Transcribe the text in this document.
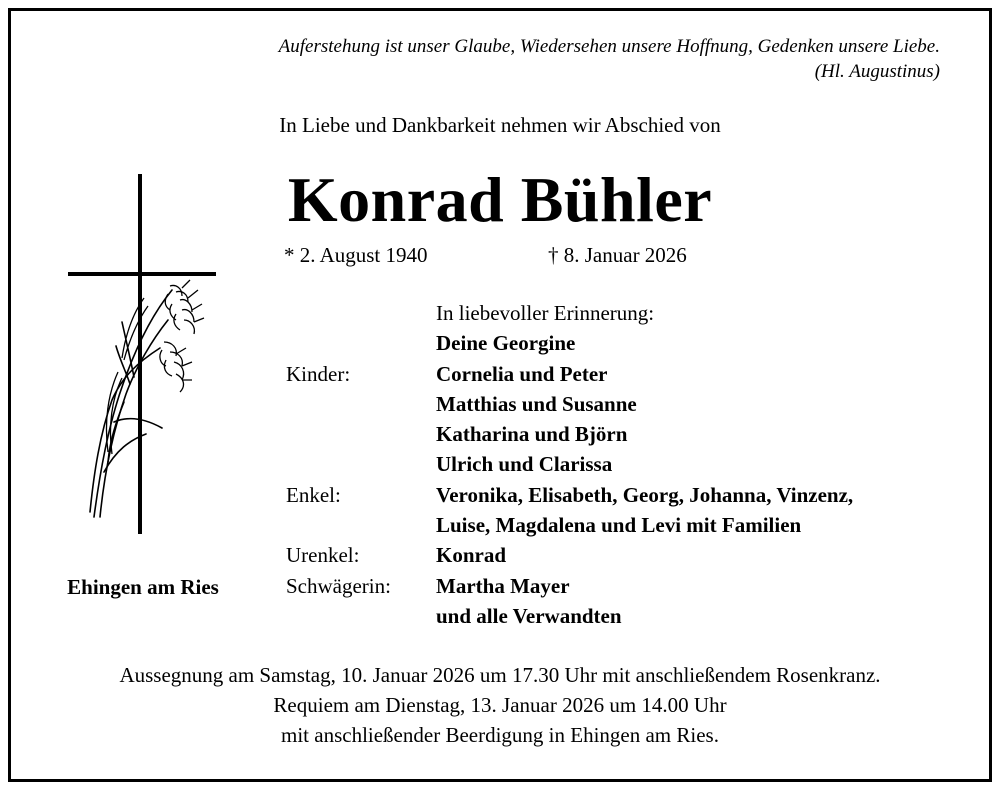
Auferstehung ist unser Glaube, Wiedersehen unsere Hoffnung, Gedenken unsere Liebe.
(Hl. Augustinus)
In Liebe und Dankbarkeit nehmen wir Abschied von
Konrad Bühler
* 2. August 1940	† 8. Januar 2026
Ehingen am Ries
In liebevoller Erinnerung:
Deine Georgine
Kinder:	Cornelia und Peter
Matthias und Susanne
Katharina und Björn
Ulrich und Clarissa
Enkel:	Veronika, Elisabeth, Georg, Johanna, Vinzenz,
Luise, Magdalena und Levi mit Familien
Urenkel:	Konrad
Schwägerin: Martha Mayer
und alle Verwandten
Aussegnung am Samstag, 10. Januar 2026 um 17.30 Uhr mit anschließendem Rosenkranz.
Requiem am Dienstag, 13. Januar 2026 um 14.00 Uhr
mit anschließender Beerdigung in Ehingen am Ries.
